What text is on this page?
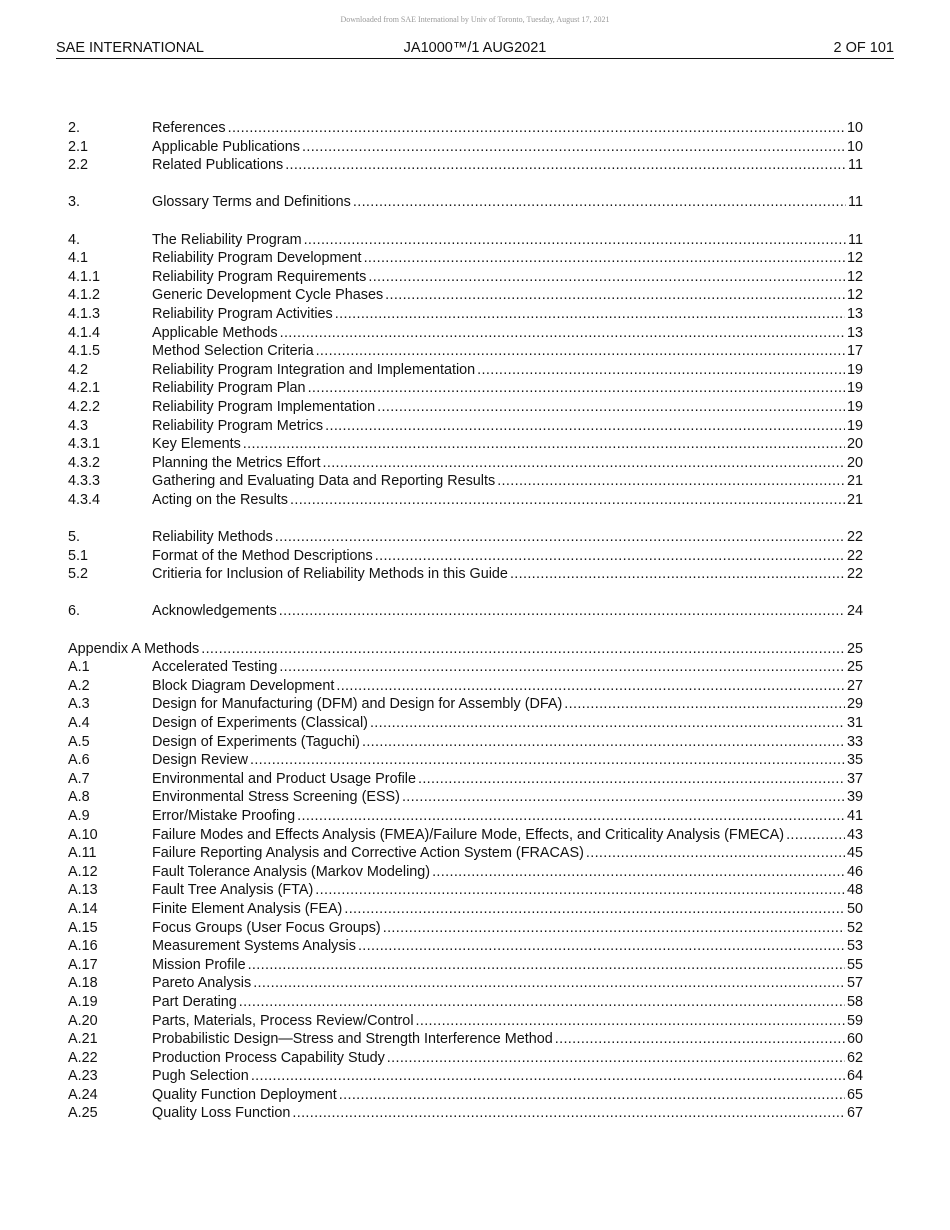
Downloaded from SAE International by Univ of Toronto, Tuesday, August 17, 2021
SAE INTERNATIONAL	JA1000™/1 AUG2021	2 OF 101
2.	References .....	10
2.1	Applicable Publications .....	10
2.2	Related Publications .....	11
3.	Glossary Terms and Definitions .....	11
4.	The Reliability Program .....	11
4.1	Reliability Program Development .....	12
4.1.1	Reliability Program Requirements .....	12
4.1.2	Generic Development Cycle Phases .....	12
4.1.3	Reliability Program Activities .....	13
4.1.4	Applicable Methods .....	13
4.1.5	Method Selection Criteria .....	17
4.2	Reliability Program Integration and Implementation .....	19
4.2.1	Reliability Program Plan .....	19
4.2.2	Reliability Program Implementation .....	19
4.3	Reliability Program Metrics .....	19
4.3.1	Key Elements .....	20
4.3.2	Planning the Metrics Effort .....	20
4.3.3	Gathering and Evaluating Data and Reporting Results .....	21
4.3.4	Acting on the Results .....	21
5.	Reliability Methods .....	22
5.1	Format of the Method Descriptions .....	22
5.2	Critieria for Inclusion of Reliability Methods in this Guide .....	22
6.	Acknowledgements .....	24
Appendix A Methods .....	25
A.1	Accelerated Testing .....	25
A.2	Block Diagram Development .....	27
A.3	Design for Manufacturing (DFM) and Design for Assembly (DFA) .....	29
A.4	Design of Experiments (Classical) .....	31
A.5	Design of Experiments (Taguchi) .....	33
A.6	Design Review .....	35
A.7	Environmental and Product Usage Profile .....	37
A.8	Environmental Stress Screening (ESS) .....	39
A.9	Error/Mistake Proofing .....	41
A.10	Failure Modes and Effects Analysis (FMEA)/Failure Mode, Effects, and Criticality Analysis (FMECA) .....	43
A.11	Failure Reporting Analysis and Corrective Action System (FRACAS) .....	45
A.12	Fault Tolerance Analysis (Markov Modeling) .....	46
A.13	Fault Tree Analysis (FTA) .....	48
A.14	Finite Element Analysis (FEA) .....	50
A.15	Focus Groups (User Focus Groups) .....	52
A.16	Measurement Systems Analysis .....	53
A.17	Mission Profile .....	55
A.18	Pareto Analysis .....	57
A.19	Part Derating .....	58
A.20	Parts, Materials, Process Review/Control .....	59
A.21	Probabilistic Design—Stress and Strength Interference Method .....	60
A.22	Production Process Capability Study .....	62
A.23	Pugh Selection .....	64
A.24	Quality Function Deployment .....	65
A.25	Quality Loss Function .....	67
